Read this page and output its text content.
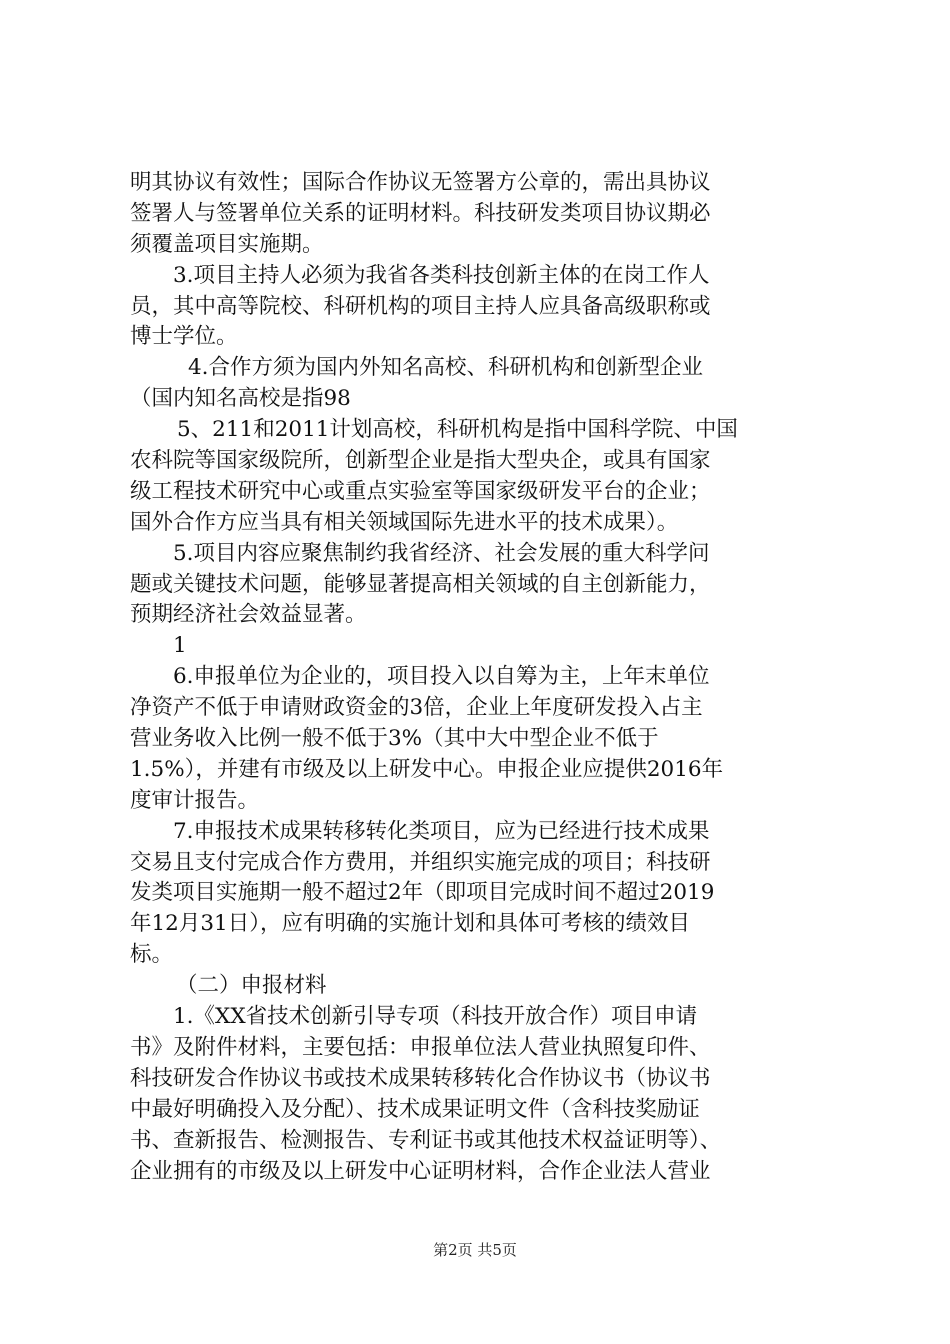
明其协议有效性；国际合作协议无签署方公章的，需出具协议
签署人与签署单位关系的证明材料。科技研发类项目协议期必
须覆盖项目实施期。
3.项目主持人必须为我省各类科技创新主体的在岗工作人
员，其中高等院校、科研机构的项目主持人应具备高级职称或
博士学位。
4.合作方须为国内外知名高校、科研机构和创新型企业
（国内知名高校是指98
5、211和2011计划高校，科研机构是指中国科学院、中国
农科院等国家级院所，创新型企业是指大型央企，或具有国家
级工程技术研究中心或重点实验室等国家级研发平台的企业；
国外合作方应当具有相关领域国际先进水平的技术成果）。
5.项目内容应聚焦制约我省经济、社会发展的重大科学问
题或关键技术问题，能够显著提高相关领域的自主创新能力，
预期经济社会效益显著。
1
6.申报单位为企业的，项目投入以自筹为主，上年末单位
净资产不低于申请财政资金的3倍，企业上年度研发投入占主
营业务收入比例一般不低于3%（其中大中型企业不低于
1.5%），并建有市级及以上研发中心。申报企业应提供2016年
度审计报告。
7.申报技术成果转移转化类项目，应为已经进行技术成果
交易且支付完成合作方费用，并组织实施完成的项目；科技研
发类项目实施期一般不超过2年（即项目完成时间不超过2019
年12月31日），应有明确的实施计划和具体可考核的绩效目
标。
（二）申报材料
1.《XX省技术创新引导专项（科技开放合作）项目申请
书》及附件材料，主要包括：申报单位法人营业执照复印件、
科技研发合作协议书或技术成果转移转化合作协议书（协议书
中最好明确投入及分配）、技术成果证明文件（含科技奖励证
书、查新报告、检测报告、专利证书或其他技术权益证明等）、
企业拥有的市级及以上研发中心证明材料，合作企业法人营业
第2页 共5页
